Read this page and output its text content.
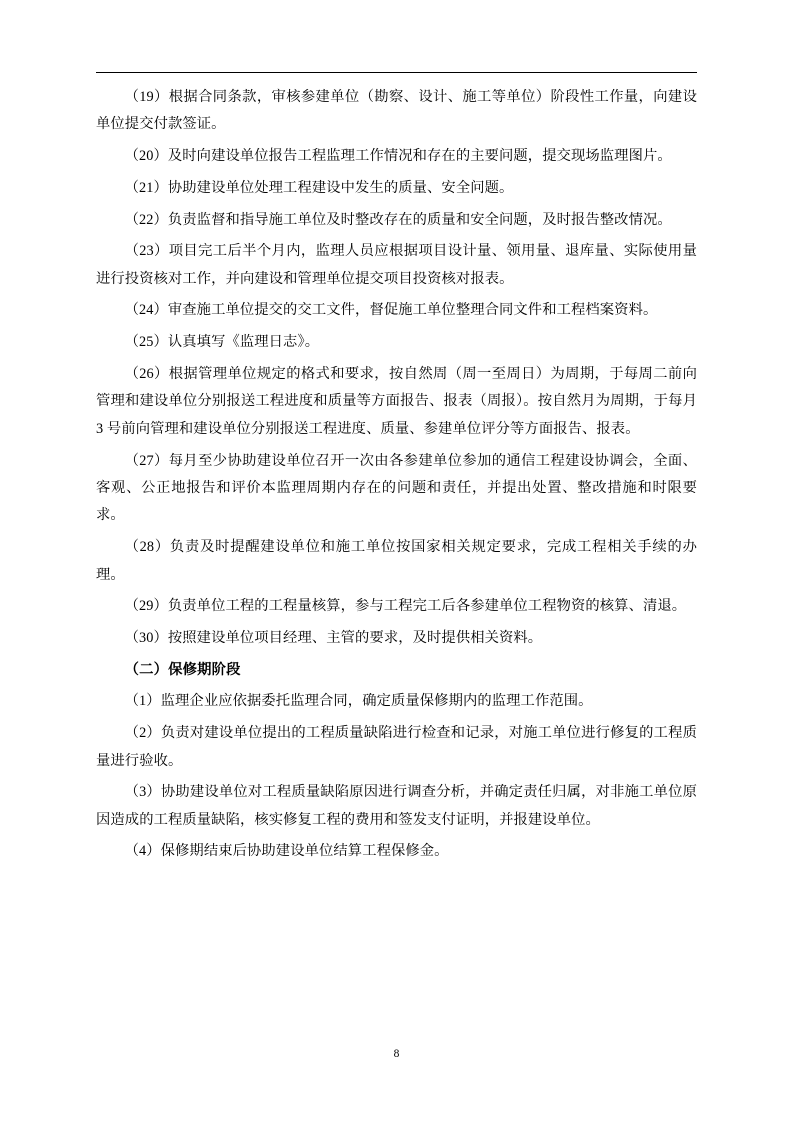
（19）根据合同条款，审核参建单位（勘察、设计、施工等单位）阶段性工作量，向建设单位提交付款签证。

（20）及时向建设单位报告工程监理工作情况和存在的主要问题，提交现场监理图片。

（21）协助建设单位处理工程建设中发生的质量、安全问题。

（22）负责监督和指导施工单位及时整改存在的质量和安全问题，及时报告整改情况。

（23）项目完工后半个月内，监理人员应根据项目设计量、领用量、退库量、实际使用量进行投资核对工作，并向建设和管理单位提交项目投资核对报表。

（24）审查施工单位提交的交工文件，督促施工单位整理合同文件和工程档案资料。

（25）认真填写《监理日志》。

（26）根据管理单位规定的格式和要求，按自然周（周一至周日）为周期，于每周二前向管理和建设单位分别报送工程进度和质量等方面报告、报表（周报）。按自然月为周期，于每月 3 号前向管理和建设单位分别报送工程进度、质量、参建单位评分等方面报告、报表。

（27）每月至少协助建设单位召开一次由各参建单位参加的通信工程建设协调会，全面、客观、公正地报告和评价本监理周期内存在的问题和责任，并提出处置、整改措施和时限要求。

（28）负责及时提醒建设单位和施工单位按国家相关规定要求，完成工程相关手续的办理。

（29）负责单位工程的工程量核算，参与工程完工后各参建单位工程物资的核算、清退。

（30）按照建设单位项目经理、主管的要求，及时提供相关资料。

（二）保修期阶段

（1）监理企业应依据委托监理合同，确定质量保修期内的监理工作范围。

（2）负责对建设单位提出的工程质量缺陷进行检查和记录，对施工单位进行修复的工程质量进行验收。

（3）协助建设单位对工程质量缺陷原因进行调查分析，并确定责任归属，对非施工单位原因造成的工程质量缺陷，核实修复工程的费用和签发支付证明，并报建设单位。

（4）保修期结束后协助建设单位结算工程保修金。

8
